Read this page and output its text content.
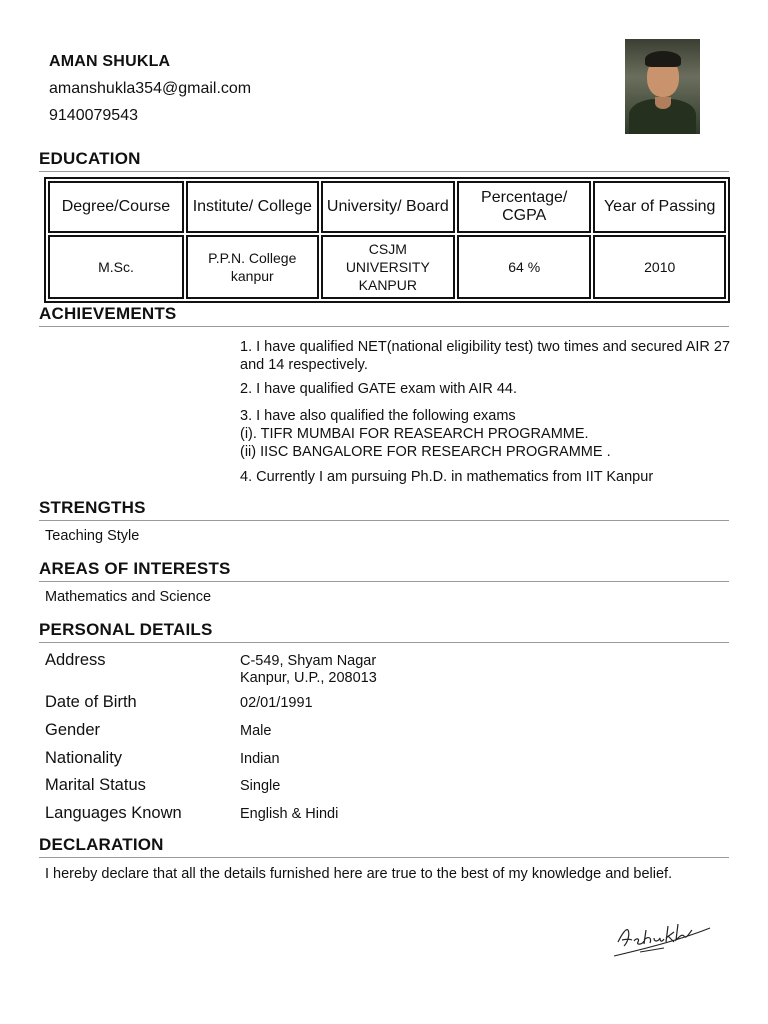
AMAN SHUKLA
amanshukla354@gmail.com
9140079543
EDUCATION
Degree/Course	Institute/ College	University/ Board	Percentage/ CGPA	Year of Passing
M.Sc.	P.P.N. College kanpur	CSJM UNIVERSITY KANPUR	64 %	2010
ACHIEVEMENTS
1. I have qualified NET(national eligibility test) two times and secured AIR 27 and 14 respectively.
2. I have qualified GATE exam with AIR 44.
3. I have also qualified the following exams
(i). TIFR MUMBAI FOR REASEARCH PROGRAMME.
(ii) IISC BANGALORE FOR RESEARCH PROGRAMME .
4. Currently I am pursuing Ph.D. in mathematics from IIT Kanpur
STRENGTHS
Teaching Style
AREAS OF INTERESTS
Mathematics and Science
PERSONAL DETAILS
Address	C-549, Shyam Nagar
Kanpur, U.P., 208013
Date of Birth	02/01/1991
Gender	Male
Nationality	Indian
Marital Status	Single
Languages Known	English & Hindi
DECLARATION
I hereby declare that all the details furnished here are true to the best of my knowledge and belief.
